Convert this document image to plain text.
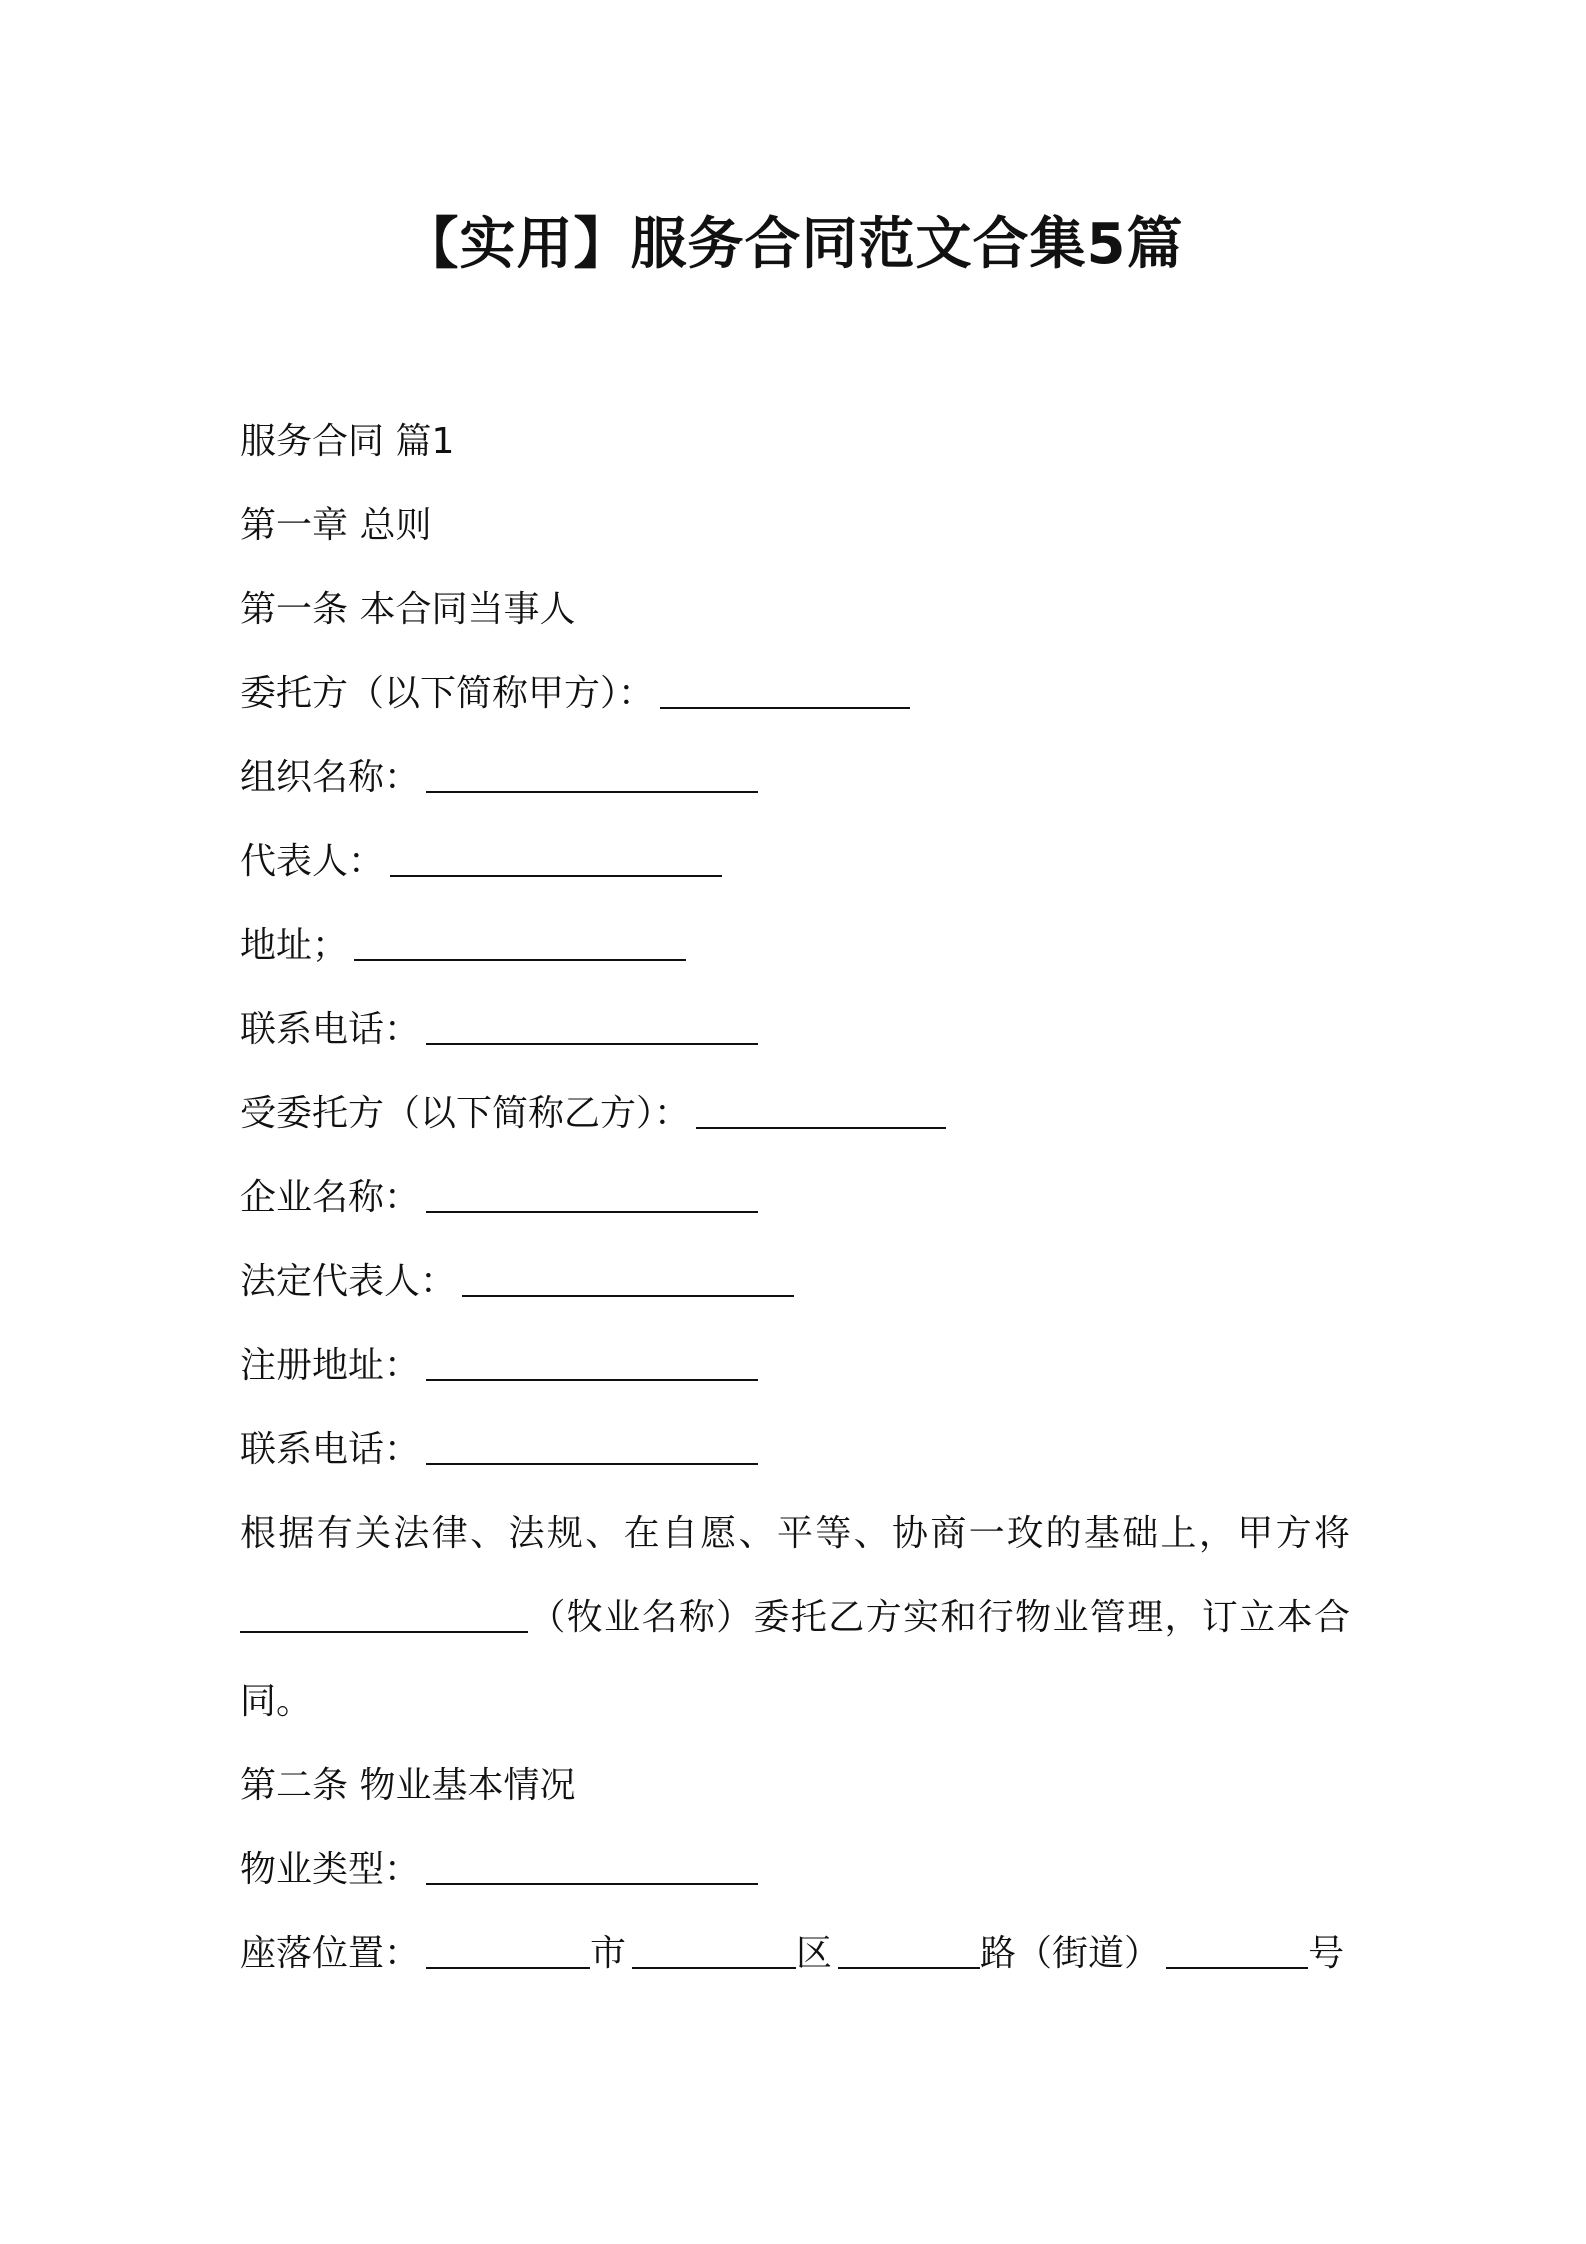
【实用】服务合同范文合集5篇
服务合同 篇1
第一章 总则
第一条 本合同当事人
委托方（以下简称甲方）：
组织名称：
代表人：
地址；
联系电话：
受委托方（以下简称乙方）：
企业名称：
法定代表人：
注册地址：
联系电话：
根据有关法律、法规、在自愿、平等、协商一玫的基础上，甲方将（牧业名称）委托乙方实和行物业管理，订立本合同。
第二条 物业基本情况
物业类型：
座落位置：	市	区	路（街道）	号
